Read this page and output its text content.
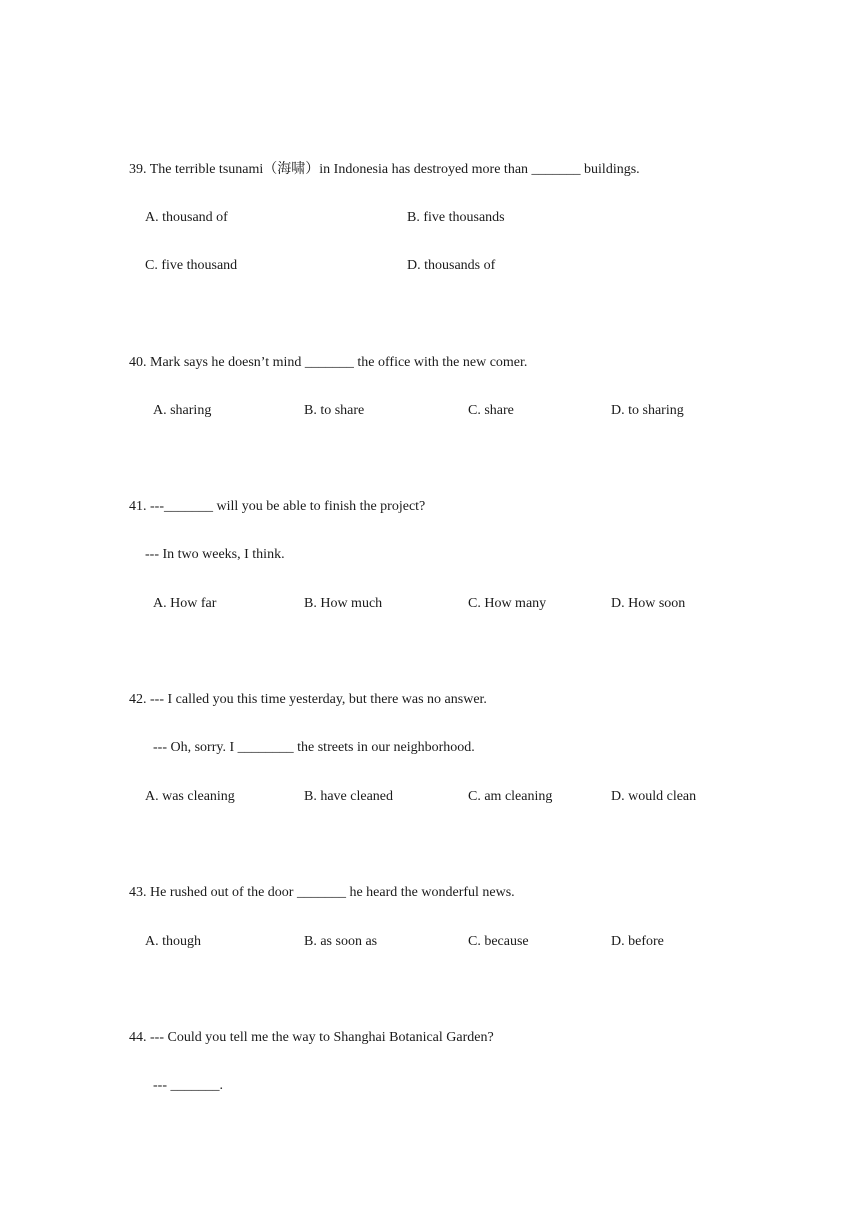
39. The terrible tsunami（海啸）in Indonesia has destroyed more than _______ buildings.
A. thousand of	B. five thousands
C. five thousand	D. thousands of
40. Mark says he doesn’t mind _______ the office with the new comer.
A. sharing	B. to share	C. share	D. to sharing
41. ---_______ will you be able to finish the project?
--- In two weeks, I think.
A. How far	B. How much	C. How many	D. How soon
42. --- I called you this time yesterday, but there was no answer.
--- Oh, sorry. I ________ the streets in our neighborhood.
A. was cleaning	B. have cleaned	C. am cleaning	D. would clean
43. He rushed out of the door _______ he heard the wonderful news.
A. though	B. as soon as	C. because	D. before
44. --- Could you tell me the way to Shanghai Botanical Garden?
--- _______.
